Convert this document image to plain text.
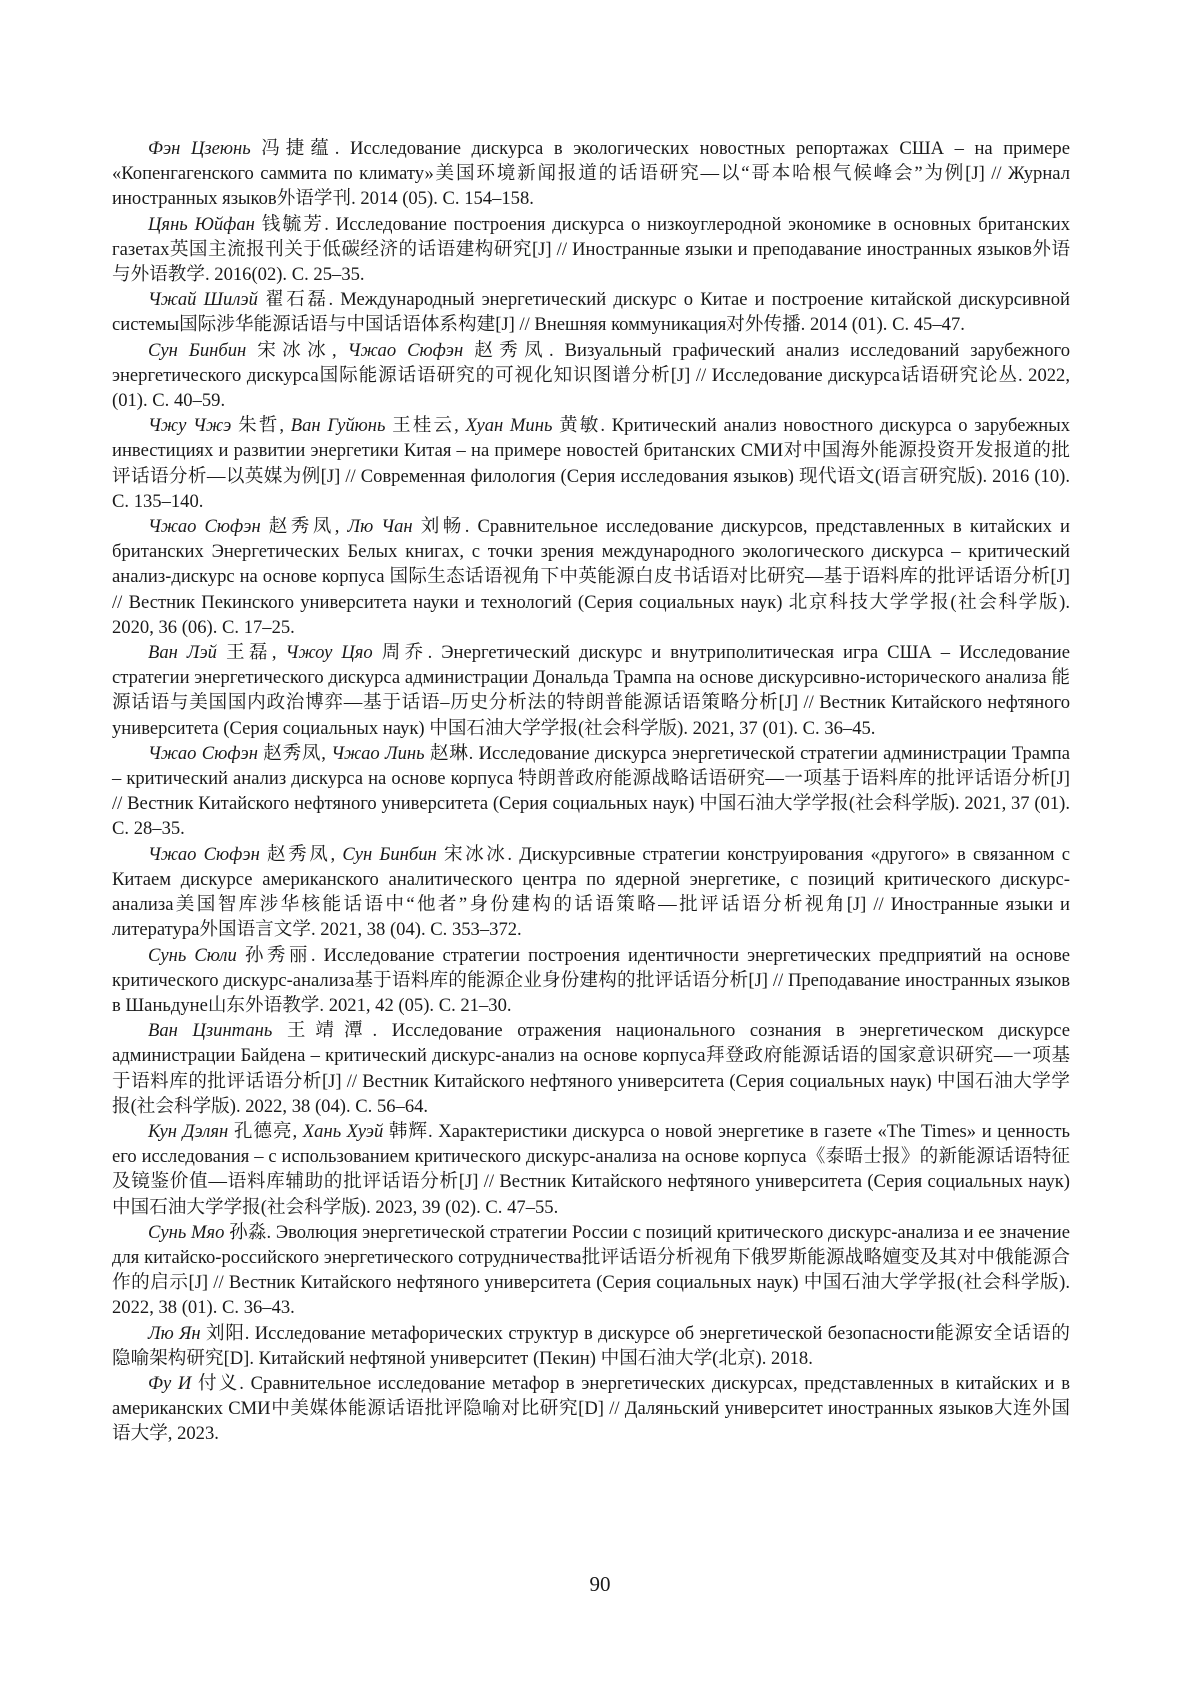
Фэн Цзеюнь 冯捷蕴. Исследование дискурса в экологических новостных репортажах США – на примере «Копенгагенского саммита по климату»美国环境新闻报道的话语研究—以“哥本哈根气候峰会”为例[J] // Журнал иностранных языков外语学刊. 2014 (05). С. 154–158.

Цянь Юйфан 钱毓芳. Исследование построения дискурса о низкоуглеродной экономике в основных британских газетах英国主流报刊关于低碳经济的话语建构研究[J] // Иностранные языки и преподавание иностранных языков外语与外语教学. 2016(02). С. 25–35.

Чжай Шилэй 翟石磊. Международный энергетический дискурс о Китае и построение китайской дискурсивной системы国际涉华能源话语与中国话语体系构建[J] // Внешняя коммуникация对外传播. 2014 (01). С. 45–47.

Сун Бинбин 宋冰冰, Чжао Сюфэн 赵秀凤. Визуальный графический анализ исследований зарубежного энергетического дискурса国际能源话语研究的可视化知识图谱分析[J] // Исследование дискурса话语研究论丛. 2022, (01). С. 40–59.

Чжу Чжэ 朱哲, Ван Гуйюнь 王桂云, Хуан Минь 黄敏. Критический анализ новостного дискурса о зарубежных инвестициях и развитии энергетики Китая – на примере новостей британских СМИ对中国海外能源投资开发报道的批评话语分析—以英媒为例[J] // Современная филология (Серия исследования языков) 现代语文(语言研究版). 2016 (10). С. 135–140.

Чжао Сюфэн 赵秀凤, Лю Чан 刘畅. Сравнительное исследование дискурсов, представленных в китайских и британских Энергетических Белых книгах, с точки зрения международного экологического дискурса – критический анализ-дискурс на основе корпуса 国际生态话语视角下中英能源白皮书话语对比研究—基于语料库的批评话语分析[J] // Вестник Пекинского университета науки и технологий (Серия социальных наук) 北京科技大学学报(社会科学版). 2020, 36 (06). С. 17–25.

Ван Лэй 王磊, Чжоу Цяо 周乔. Энергетический дискурс и внутриполитическая игра США – Исследование стратегии энергетического дискурса администрации Дональда Трампа на основе дискурсивно-исторического анализа 能源话语与美国国内政治博弈—基于话语–历史分析法的特朗普能源话语策略分析[J] // Вестник Китайского нефтяного университета (Серия социальных наук) 中国石油大学学报(社会科学版). 2021, 37 (01). С. 36–45.

Чжао Сюфэн 赵秀凤, Чжао Линь 赵琳. Исследование дискурса энергетической стратегии администрации Трампа – критический анализ дискурса на основе корпуса 特朗普政府能源战略话语研究—一项基于语料库的批评话语分析[J] // Вестник Китайского нефтяного университета (Серия социальных наук) 中国石油大学学报(社会科学版). 2021, 37 (01). С. 28–35.

Чжао Сюфэн 赵秀凤, Сун Бинбин 宋冰冰. Дискурсивные стратегии конструирования «другого» в связанном с Китаем дискурсе американского аналитического центра по ядерной энергетике, с позиций критического дискурс-анализа美国智库涉华核能话语中“他者”身份建构的话语策略—批评话语分析视角[J] // Иностранные языки и литература外国语言文学. 2021, 38 (04). С. 353–372.

Сунь Сюли 孙秀丽. Исследование стратегии построения идентичности энергетических предприятий на основе критического дискурс-анализа基于语料库的能源企业身份建构的批评话语分析[J] // Преподавание иностранных языков в Шаньдуне山东外语教学. 2021, 42 (05). С. 21–30.

Ван Цзинтань 王靖潭. Исследование отражения национального сознания в энергетическом дискурсе администрации Байдена – критический дискурс-анализ на основе корпуса拜登政府能源话语的国家意识研究—一项基于语料库的批评话语分析[J] // Вестник Китайского нефтяного университета (Серия социальных наук) 中国石油大学学报(社会科学版). 2022, 38 (04). С. 56–64.

Кун Дэлян 孔德亮, Хань Хуэй 韩辉. Характеристики дискурса о новой энергетике в газете «The Times» и ценность его исследования – с использованием критического дискурс-анализа на основе корпуса《泰晤士报》的新能源话语特征及镜鉴价值—语料库辅助的批评话语分析[J] // Вестник Китайского нефтяного университета (Серия социальных наук) 中国石油大学学报(社会科学版). 2023, 39 (02). С. 47–55.

Сунь Мяо 孙淼. Эволюция энергетической стратегии России с позиций критического дискурс-анализа и ее значение для китайско-российского энергетического сотрудничества批评话语分析视角下俄罗斯能源战略嬗变及其对中俄能源合作的启示[J] // Вестник Китайского нефтяного университета (Серия социальных наук) 中国石油大学学报(社会科学版). 2022, 38 (01). С. 36–43.

Лю Ян 刘阳. Исследование метафорических структур в дискурсе об энергетической безопасности能源安全话语的隐喻架构研究[D]. Китайский нефтяной университет (Пекин) 中国石油大学(北京). 2018.

Фу И 付义. Сравнительное исследование метафор в энергетических дискурсах, представленных в китайских и в американских СМИ中美媒体能源话语批评隐喻对比研究[D] // Даляньский университет иностранных языков大连外国语大学, 2023.

90
